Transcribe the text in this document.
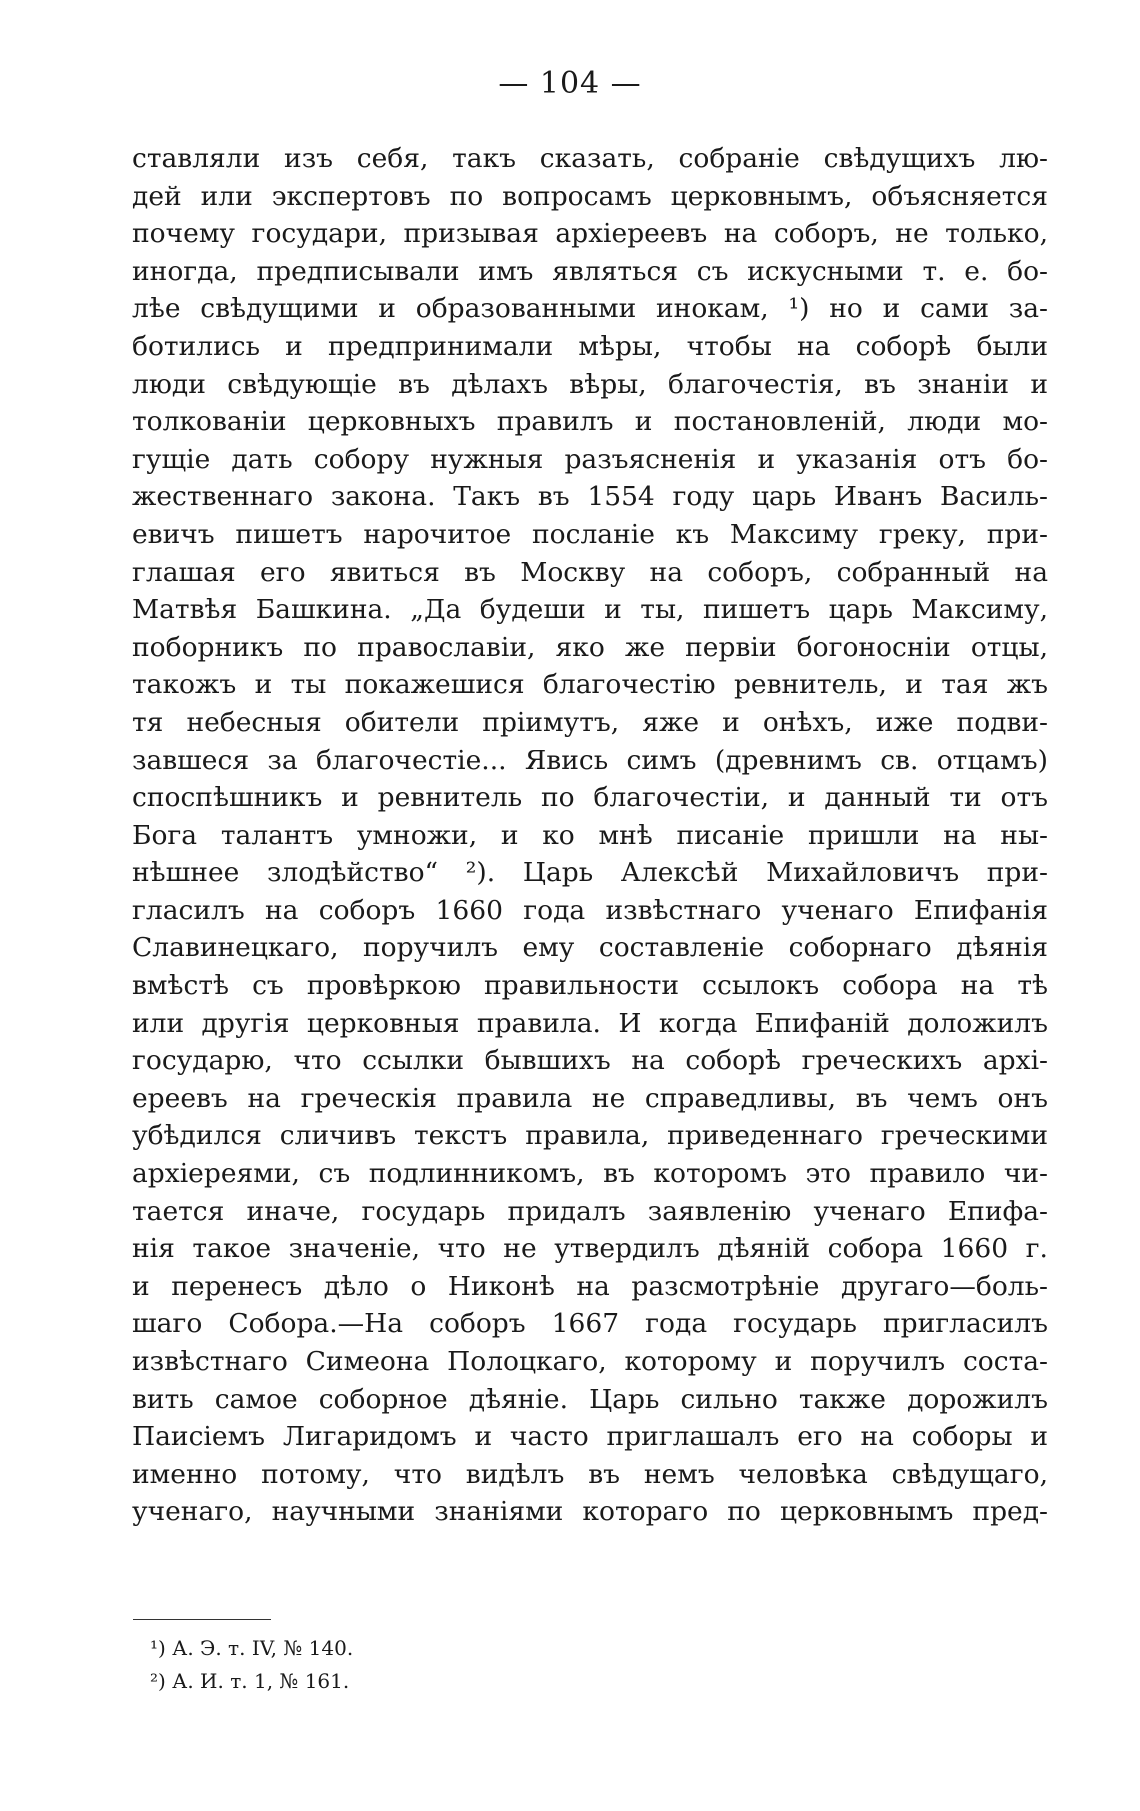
— 104 —
ставляли изъ себя, такъ сказать, собраніе свѣдущихъ лю-
дей или экспертовъ по вопросамъ церковнымъ, объясняется
почему государи, призывая архіереевъ на соборъ, не только,
иногда, предписывали имъ являться съ искусными т. е. бо-
лѣе свѣдущими и образованными инокам, ¹) но и сами за-
ботились и предпринимали мѣры, чтобы на соборѣ были
люди свѣдующіе въ дѣлахъ вѣры, благочестія, въ знаніи и
толкованіи церковныхъ правилъ и постановленій, люди мо-
гущіе дать собору нужныя разъясненія и указанія отъ бо-
жественнаго закона. Такъ въ 1554 году царь Иванъ Василь-
евичъ пишетъ нарочитое посланіе къ Максиму греку, при-
глашая его явиться въ Москву на соборъ, собранный на
Матвѣя Башкина. „Да будеши и ты, пишетъ царь Максиму,
поборникъ по православіи, яко же первіи богоносніи отцы,
такожъ и ты покажешися благочестію ревнитель, и тая жъ
тя небесныя обители пріимутъ, яже и онѣхъ, иже подви-
завшеся за благочестіе... Явись симъ (древнимъ св. отцамъ)
споспѣшникъ и ревнитель по благочестіи, и данный ти отъ
Бога талантъ умножи, и ко мнѣ писаніе пришли на ны-
нѣшнее злодѣйство“ ²). Царь Алексѣй Михайловичъ при-
гласилъ на соборъ 1660 года извѣстнаго ученаго Епифанія
Славинецкаго, поручилъ ему составленіе соборнаго дѣянія
вмѣстѣ съ провѣркою правильности ссылокъ собора на тѣ
или другія церковныя правила. И когда Епифаній доложилъ
государю, что ссылки бывшихъ на соборѣ греческихъ архі-
ереевъ на греческія правила не справедливы, въ чемъ онъ
убѣдился сличивъ текстъ правила, приведеннаго греческими
архіереями, съ подлинникомъ, въ которомъ это правило чи-
тается иначе, государь придалъ заявленію ученаго Епифа-
нія такое значеніе, что не утвердилъ дѣяній собора 1660 г.
и перенесъ дѣло о Никонѣ на разсмотрѣніе другаго—боль-
шаго Собора.—На соборъ 1667 года государь пригласилъ
извѣстнаго Симеона Полоцкаго, которому и поручилъ соста-
вить самое соборное дѣяніе. Царь сильно также дорожилъ
Паисіемъ Лигаридомъ и часто приглашалъ его на соборы и
именно потому, что видѣлъ въ немъ человѣка свѣдущаго,
ученаго, научными знаніями котораго по церковнымъ пред-
¹) А. Э. т. IV, № 140.
²) А. И. т. 1, № 161.
